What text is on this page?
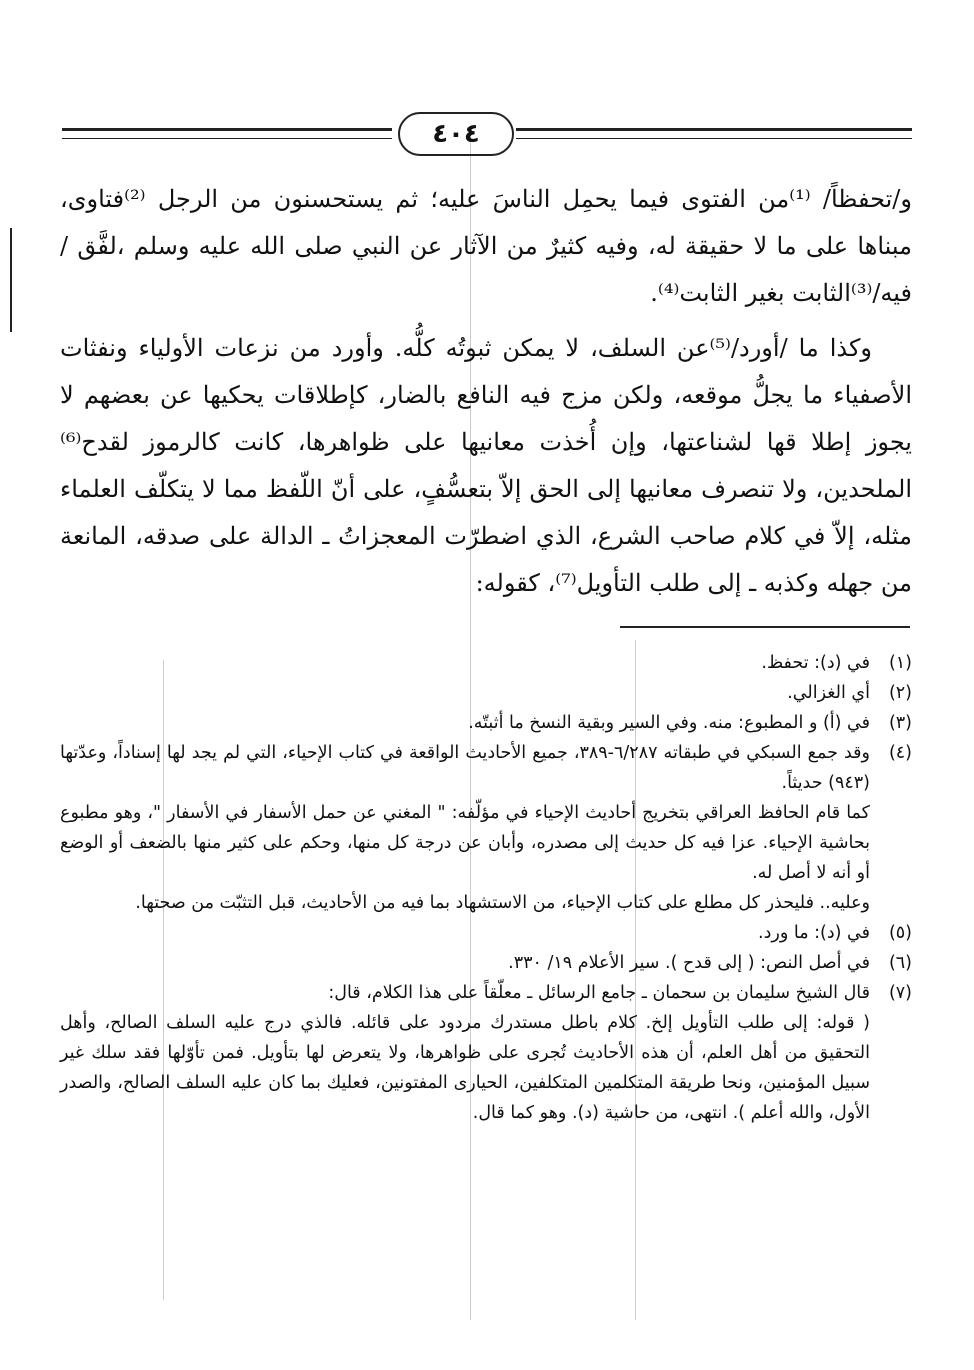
٤٠٤

و/تحفظاً/ ⁽¹⁾من الفتوى فيما يحمِل الناسَ عليه؛ ثم يستحسنون من الرجل ⁽²⁾فتاوى، مبناها على ما لا حقيقة له، وفيه كثيرٌ من الآثار عن النبي صلى الله عليه وسلم ،لفَّق / فيه/⁽³⁾الثابت بغير الثابت⁽⁴⁾.

وكذا ما /أورد/⁽⁵⁾عن السلف، لا يمكن ثبوتُه كلُّه. وأورد من نزعات الأولياء ونفثات الأصفياء ما يجلُّ موقعه، ولكن مزج فيه النافع بالضار، كإطلاقات يحكيها عن بعضهم لا يجوز إطلا قها لشناعتها، وإن أُخذت معانيها على ظواهرها، كانت كالرموز لقدح⁽⁶⁾الملحدين، ولا تنصرف معانيها إلى الحق إلاّ بتعسُّفٍ، على أنّ اللّفظ مما لا يتكلّف العلماء مثله، إلاّ في كلام صاحب الشرع، الذي اضطرّت المعجزاتُ ـ الدالة على صدقه، المانعة من جهله وكذبه ـ إلى طلب التأويل⁽⁷⁾، كقوله:

(١)
في (د): تحفظ.
(٢)
أي الغزالي.
(٣)
في (أ) و المطبوع: منه. وفي السير وبقية النسخ ما أثبتّه.
(٤)
وقد جمع السبكي في طبقاته ٦/٢٨٧-٣٨٩، جميع الأحاديث الواقعة في كتاب الإحياء، التي لم يجد لها إسناداً، وعدّتها (٩٤٣) حديثاً.

كما قام الحافظ العراقي بتخريج أحاديث الإحياء في مؤلّفه: " المغني عن حمل الأسفار في الأسفار "، وهو مطبوع بحاشية الإحياء. عزا فيه كل حديث إلى مصدره، وأبان عن درجة كل منها، وحكم على كثير منها بالضعف أو الوضع أو أنه لا أصل له.

وعليه.. فليحذر كل مطلع على كتاب الإحياء، من الاستشهاد بما فيه من الأحاديث، قبل التثبّت من صحتها.

(٥)
في (د): ما ورد.
(٦)
في أصل النص: ( إلى قدح ). سير الأعلام ١٩/ ٣٣٠.
(٧)
قال الشيخ سليمان بن سحمان ـ جامع الرسائل ـ معلّقاً على هذا الكلام، قال:

( قوله: إلى طلب التأويل إلخ. كلام باطل مستدرك مردود على قائله. فالذي درج عليه السلف الصالح، وأهل التحقيق من أهل العلم، أن هذه الأحاديث تُجرى على ظواهرها، ولا يتعرض لها بتأويل. فمن تأوّلها فقد سلك غير سبيل المؤمنين، ونحا طريقة المتكلمين المتكلفين، الحيارى المفتونين، فعليك بما كان عليه السلف الصالح، والصدر الأول، والله أعلم ). انتهى، من حاشية (د). وهو كما قال.
